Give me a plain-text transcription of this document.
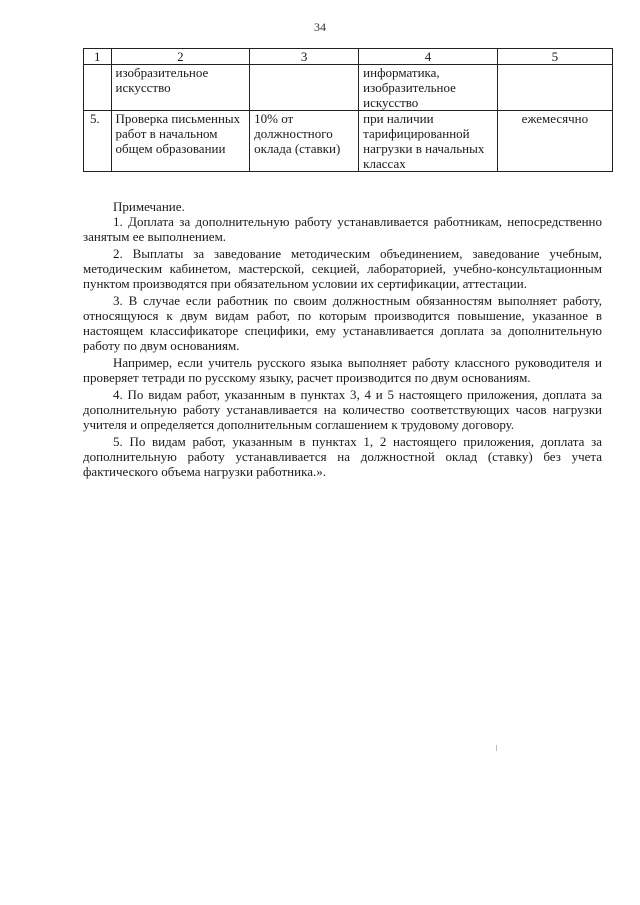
34
1	2	3	4	5
	изобразительное искусство		информатика, изобразительное искусство	
5.	Проверка письменных работ в начальном общем образовании	10% от должностного оклада (ставки)	при наличии тарифицированной нагрузки в начальных классах	ежемесячно

Примечание.

1. Доплата за дополнительную работу устанавливается работникам, непосредственно занятым ее выполнением.

2. Выплаты за заведование методическим объединением, заведование учебным, методическим кабинетом, мастерской, секцией, лабораторией, учебно-консультационным пунктом производятся при обязательном условии их сертификации, аттестации.

3. В случае если работник по своим должностным обязанностям выполняет работу, относящуюся к двум видам работ, по которым производится повышение, указанное в настоящем классификаторе специфики, ему устанавливается доплата за дополнительную работу по двум основаниям.

Например, если учитель русского языка выполняет работу классного руководителя и проверяет тетради по русскому языку, расчет производится по двум основаниям.

4. По видам работ, указанным в пунктах 3, 4 и 5 настоящего приложения, доплата за дополнительную работу устанавливается на количество соответствующих часов нагрузки учителя и определяется дополнительным соглашением к трудовому договору.

5. По видам работ, указанным в пунктах 1, 2 настоящего приложения, доплата за дополнительную работу устанавливается на должностной оклад (ставку) без учета фактического объема нагрузки работника.».
